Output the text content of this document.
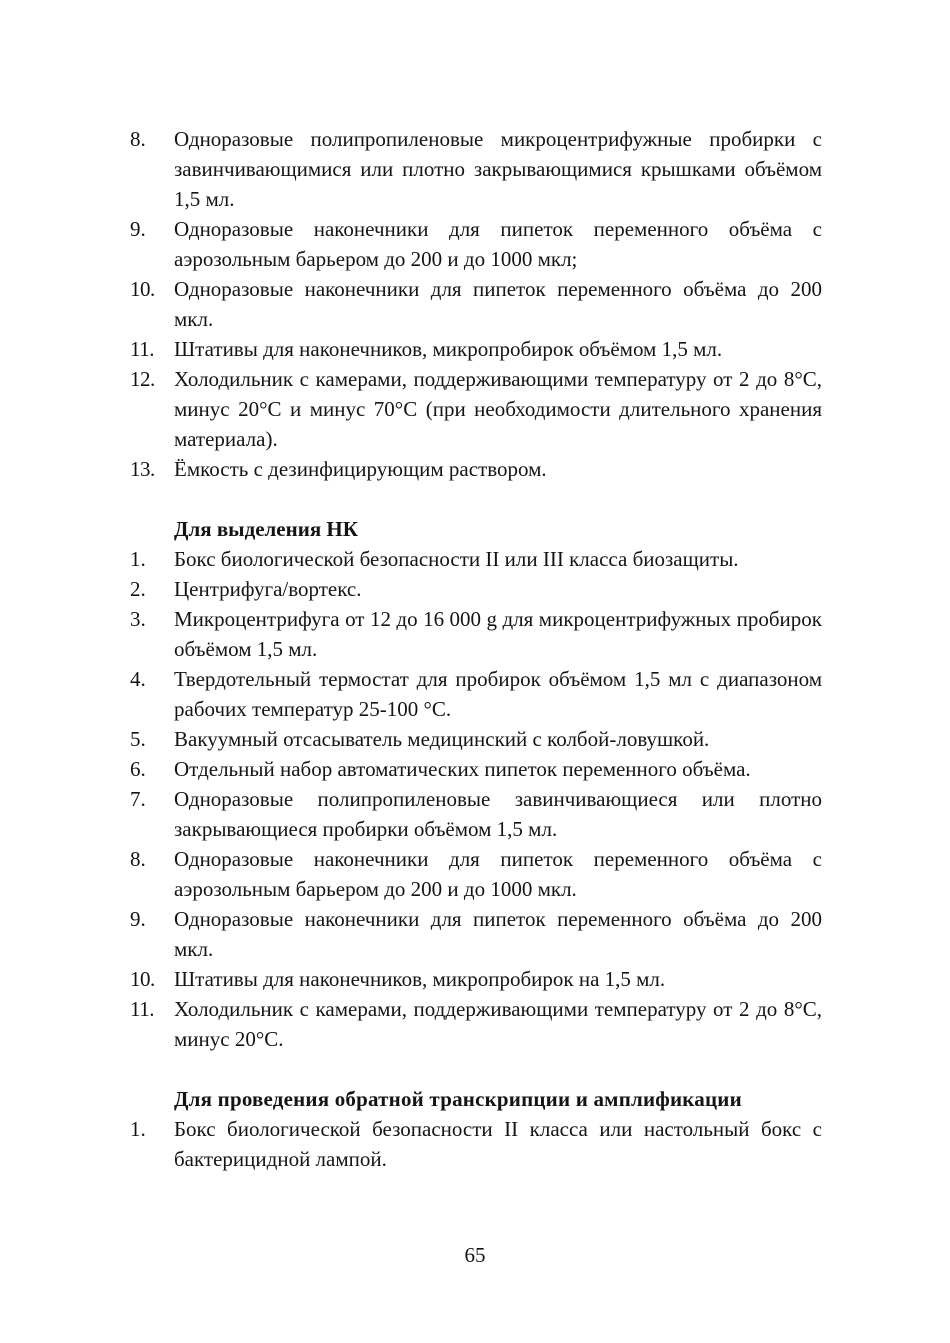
8.	Одноразовые полипропиленовые микроцентрифужные пробирки с завинчивающимися или плотно закрывающимися крышками объёмом 1,5 мл.
9.	Одноразовые наконечники для пипеток переменного объёма с аэрозольным барьером до 200 и до 1000 мкл;
10. Одноразовые наконечники для пипеток переменного объёма до 200 мкл.
11. Штативы для наконечников, микропробирок объёмом 1,5 мл.
12. Холодильник с камерами, поддерживающими температуру от 2 до 8°С, минус 20°С и минус 70°С (при необходимости длительного хранения материала).
13. Ёмкость с дезинфицирующим раствором.
Для выделения НК
1.	Бокс биологической безопасности II или III класса биозащиты.
2.	Центрифуга/вортекс.
3.	Микроцентрифуга от 12 до 16 000 g для микроцентрифужных пробирок объёмом 1,5 мл.
4.	Твердотельный термостат для пробирок объёмом 1,5 мл с диапазоном рабочих температур 25-100 °С.
5.	Вакуумный отсасыватель медицинский с колбой-ловушкой.
6.	Отдельный набор автоматических пипеток переменного объёма.
7.	Одноразовые полипропиленовые завинчивающиеся или плотно закрывающиеся пробирки объёмом 1,5 мл.
8.	Одноразовые наконечники для пипеток переменного объёма с аэрозольным барьером до 200 и до 1000 мкл.
9.	Одноразовые наконечники для пипеток переменного объёма до 200 мкл.
10. Штативы для наконечников, микропробирок на 1,5 мл.
11. Холодильник с камерами, поддерживающими температуру от 2 до 8°С, минус 20°С.
Для проведения обратной транскрипции и амплификации
1.	Бокс биологической безопасности II класса или настольный бокс с бактерицидной лампой.
65
